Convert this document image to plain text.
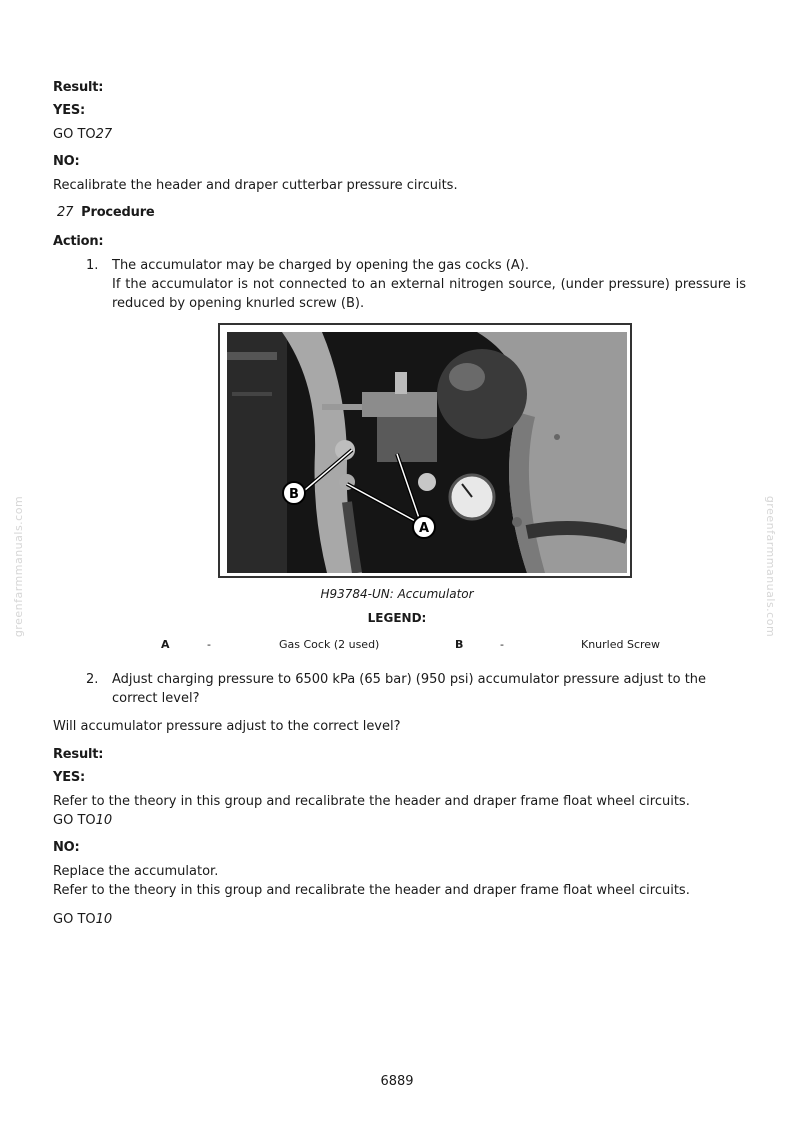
Result:
YES:
GO TO27
NO:
Recalibrate the header and draper cutterbar pressure circuits.
27 Procedure
Action:
1. The accumulator may be charged by opening the gas cocks (A).
If the accumulator is not connected to an external nitrogen source, (under pressure) pressure is reduced by opening knurled screw (B).
B
A
H93784-UN: Accumulator
LEGEND:
A	-	Gas Cock (2 used)	B	-	Knurled Screw
2. Adjust charging pressure to 6500 kPa (65 bar) (950 psi) accumulator pressure adjust to the correct level?
Will accumulator pressure adjust to the correct level?
Result:
YES:
Refer to the theory in this group and recalibrate the header and draper frame float wheel circuits.
GO TO10
NO:
Replace the accumulator.
Refer to the theory in this group and recalibrate the header and draper frame float wheel circuits.
GO TO10
greenfarmmanuals.com	greenfarmmanuals.com
6889
